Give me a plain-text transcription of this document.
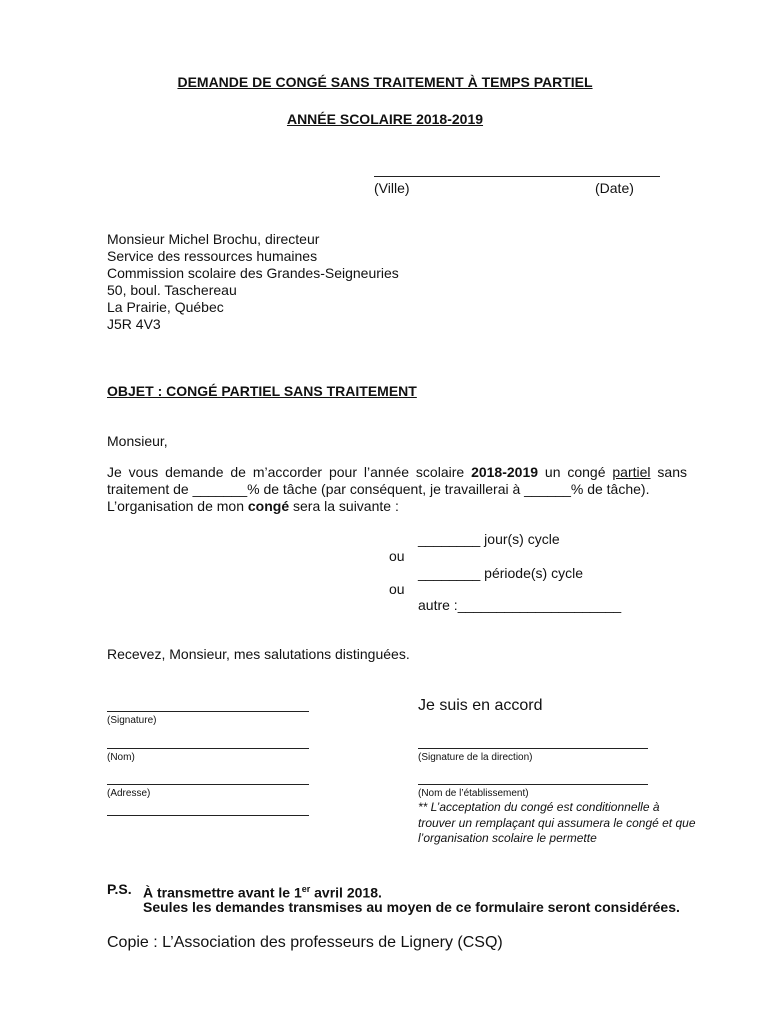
DEMANDE DE CONGÉ SANS TRAITEMENT À TEMPS PARTIEL
ANNÉE SCOLAIRE 2018-2019
(Ville)	(Date)
Monsieur Michel Brochu, directeur
Service des ressources humaines
Commission scolaire des Grandes-Seigneuries
50, boul. Taschereau
La Prairie, Québec
J5R 4V3
OBJET : CONGÉ PARTIEL SANS TRAITEMENT
Monsieur,
Je vous demande de m’accorder pour l’année scolaire 2018-2019 un congé partiel sans traitement de _______% de tâche (par conséquent, je travaillerai à ______% de tâche).
L’organisation de mon congé sera la suivante :
________ jour(s) cycle
ou
________ période(s) cycle
ou
autre :_____________________
Recevez, Monsieur, mes salutations distinguées.
(Signature)
(Nom)
(Adresse)
Je suis en accord
(Signature de la direction)
(Nom de l’établissement)
** L’acceptation du congé est conditionnelle à trouver un remplaçant qui assumera le congé et que l’organisation scolaire le permette
P.S. À transmettre avant le 1er avril 2018.
Seules les demandes transmises au moyen de ce formulaire seront considérées.
Copie : L’Association des professeurs de Lignery (CSQ)
